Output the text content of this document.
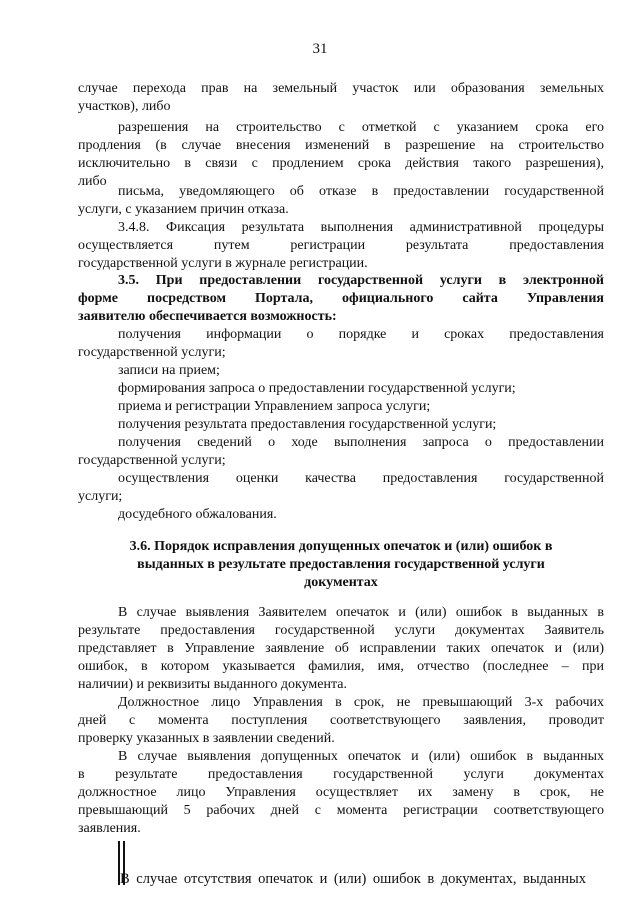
31
случае перехода прав на земельный участок или образования земельных
участков), либо
разрешения на строительство с отметкой с указанием срока его
продления (в случае внесения изменений в разрешение на строительство
исключительно в связи с продлением срока действия такого разрешения),
либо
письма, уведомляющего об отказе в предоставлении государственной
услуги, с указанием причин отказа.
3.4.8. Фиксация результата выполнения административной процедуры
осуществляется путем регистрации результата предоставления
государственной услуги в журнале регистрации.
3.5. При предоставлении государственной услуги в электронной
форме посредством Портала, официального сайта Управления
заявителю обеспечивается возможность:
получения информации о порядке и сроках предоставления
государственной услуги;
записи на прием;
формирования запроса о предоставлении государственной услуги;
приема и регистрации Управлением запроса услуги;
получения результата предоставления государственной услуги;
получения сведений о ходе выполнения запроса о предоставлении
государственной услуги;
осуществления оценки качества предоставления государственной
услуги;
досудебного обжалования.
3.6. Порядок исправления допущенных опечаток и (или) ошибок в
выданных в результате предоставления государственной услуги
документах
В случае выявления Заявителем опечаток и (или) ошибок в выданных в
результате предоставления государственной услуги документах Заявитель
представляет в Управление заявление об исправлении таких опечаток и (или)
ошибок, в котором указывается фамилия, имя, отчество (последнее – при
наличии) и реквизиты выданного документа.
Должностное лицо Управления в срок, не превышающий 3-х рабочих
дней с момента поступления соответствующего заявления, проводит
проверку указанных в заявлении сведений.
В случае выявления допущенных опечаток и (или) ошибок в выданных
в результате предоставления государственной услуги документах
должностное лицо Управления осуществляет их замену в срок, не
превышающий 5 рабочих дней с момента регистрации соответствующего
заявления.
В случае отсутствия опечаток и (или) ошибок в документах, выданных
